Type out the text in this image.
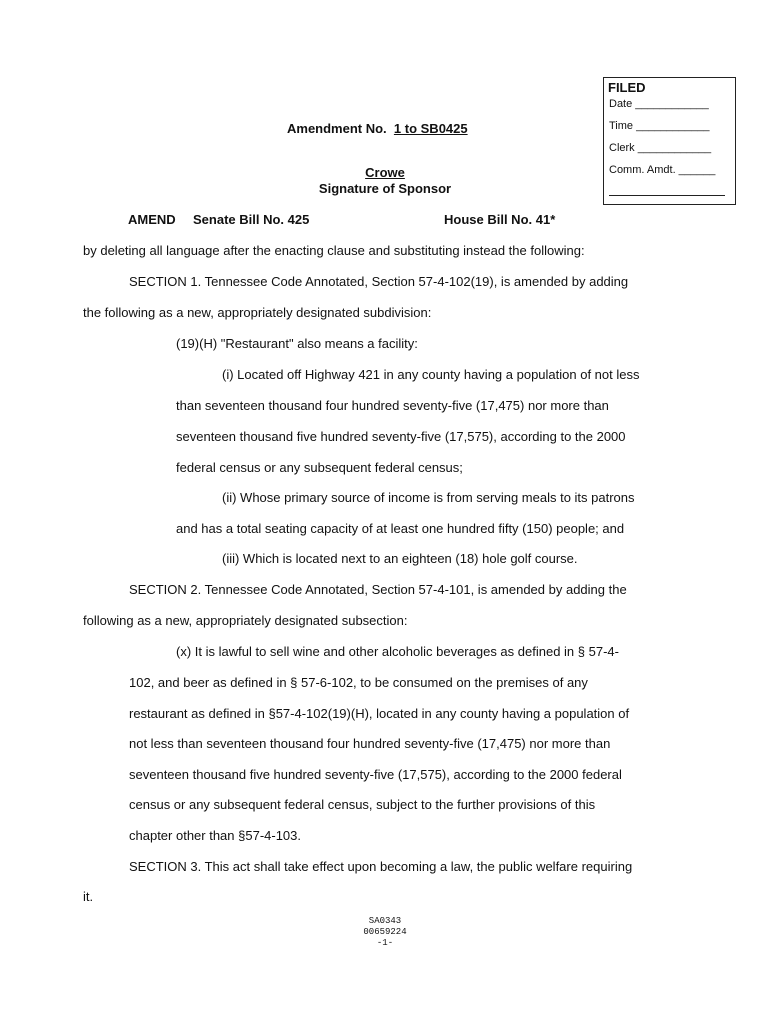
FILED
Date ____________
Time ____________
Clerk ____________
Comm. Amdt. ______
Amendment No. 1 to SB0425
Crowe
Signature of Sponsor
AMEND Senate Bill No. 425	House Bill No. 41*
by deleting all language after the enacting clause and substituting instead the following:
SECTION 1. Tennessee Code Annotated, Section 57-4-102(19), is amended by adding
the following as a new, appropriately designated subdivision:
(19)(H) "Restaurant" also means a facility:
(i) Located off Highway 421 in any county having a population of not less
than seventeen thousand four hundred seventy-five (17,475) nor more than
seventeen thousand five hundred seventy-five (17,575), according to the 2000
federal census or any subsequent federal census;
(ii) Whose primary source of income is from serving meals to its patrons
and has a total seating capacity of at least one hundred fifty (150) people; and
(iii) Which is located next to an eighteen (18) hole golf course.
SECTION 2. Tennessee Code Annotated, Section 57-4-101, is amended by adding the
following as a new, appropriately designated subsection:
(x) It is lawful to sell wine and other alcoholic beverages as defined in § 57-4-
102, and beer as defined in § 57-6-102, to be consumed on the premises of any
restaurant as defined in §57-4-102(19)(H), located in any county having a population of
not less than seventeen thousand four hundred seventy-five (17,475) nor more than
seventeen thousand five hundred seventy-five (17,575), according to the 2000 federal
census or any subsequent federal census, subject to the further provisions of this
chapter other than §57-4-103.
SECTION 3. This act shall take effect upon becoming a law, the public welfare requiring
it.
SA0343
00659224
-1-
